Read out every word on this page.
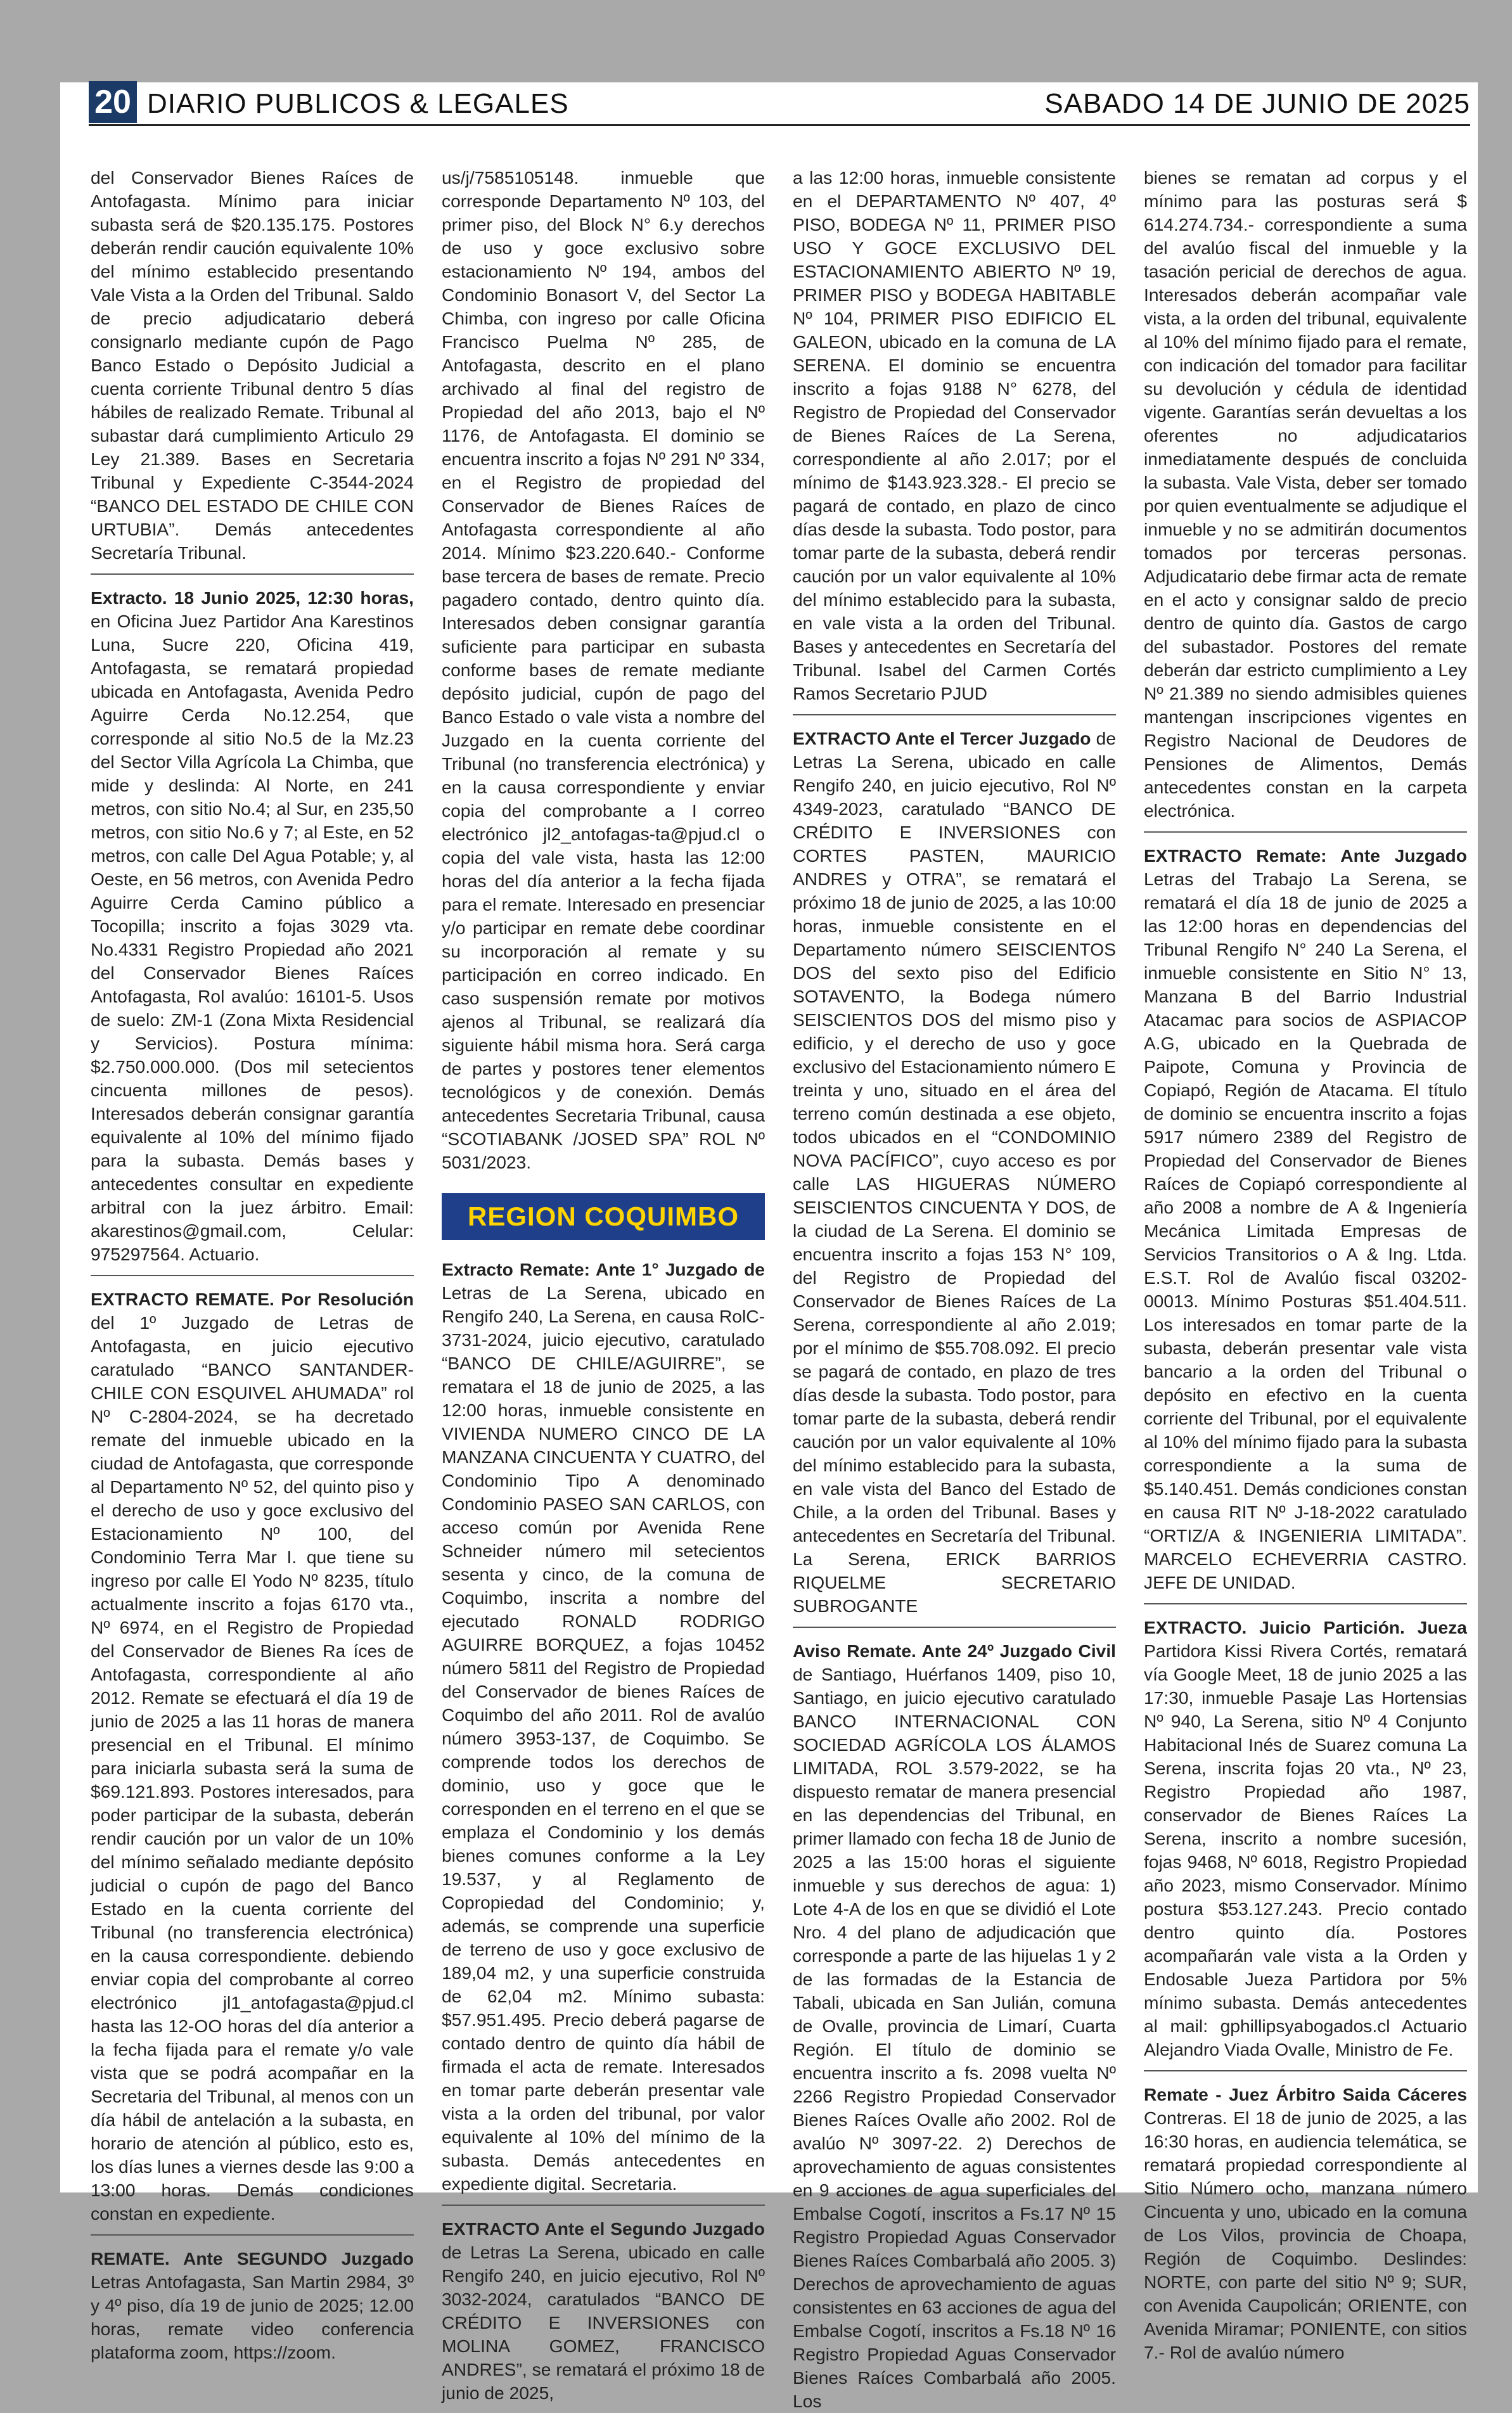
20 DIARIO PUBLICOS & LEGALES	SABADO 14 DE JUNIO DE 2025

del Conservador Bienes Raíces de Antofagasta. Mínimo para iniciar subasta será de $20.135.175. Postores deberán rendir caución equivalente 10% del mínimo establecido presentando Vale Vista a la Orden del Tribunal. Saldo de precio adjudicatario deberá consignarlo mediante cupón de Pago Banco Estado o Depósito Judicial a cuenta corriente Tribunal dentro 5 días hábiles de realizado Remate. Tribunal al subastar dará cumplimiento Articulo 29 Ley 21.389. Bases en Secretaria Tribunal y Expediente C-3544-2024 “BANCO DEL ESTADO DE CHILE CON URTUBIA”. Demás antecedentes Secretaría Tribunal.

Extracto. 18 Junio 2025, 12:30 horas, en Oficina Juez Partidor Ana Karestinos Luna, Sucre 220, Oficina 419, Antofagasta, se rematará propiedad ubicada en Antofagasta, Avenida Pedro Aguirre Cerda No.12.254, que corresponde al sitio No.5 de la Mz.23 del Sector Villa Agrícola La Chimba, que mide y deslinda: Al Norte, en 241 metros, con sitio No.4; al Sur, en 235,50 metros, con sitio No.6 y 7; al Este, en 52 metros, con calle Del Agua Potable; y, al Oeste, en 56 metros, con Avenida Pedro Aguirre Cerda Camino público a Tocopilla; inscrito a fojas 3029 vta. No.4331 Registro Propiedad año 2021 del Conservador Bienes Raíces Antofagasta, Rol avalúo: 16101-5. Usos de suelo: ZM-1 (Zona Mixta Residencial y Servicios). Postura mínima: $2.750.000.000. (Dos mil setecientos cincuenta millones de pesos). Interesados deberán consignar garantía equivalente al 10% del mínimo fijado para la subasta. Demás bases y antecedentes consultar en expediente arbitral con la juez árbitro. Email: akarestinos@gmail.com, Celular: 975297564. Actuario.

EXTRACTO REMATE. Por Resolución del 1º Juzgado de Letras de Antofagasta, en juicio ejecutivo caratulado “BANCO SANTANDER-CHILE CON ESQUIVEL AHUMADA” rol Nº C-2804-2024, se ha decretado remate del inmueble ubicado en la ciudad de Antofagasta, que corresponde al Departamento Nº 52, del quinto piso y el derecho de uso y goce exclusivo del Estacionamiento Nº 100, del Condominio Terra Mar I. que tiene su ingreso por calle El Yodo Nº 8235, título actualmente inscrito a fojas 6170 vta., Nº 6974, en el Registro de Propiedad del Conservador de Bienes Ra íces de Antofagasta, correspondiente al año 2012. Remate se efectuará el día 19 de junio de 2025 a las 11 horas de manera presencial en el Tribunal. El mínimo para iniciarla subasta será la suma de $69.121.893. Postores interesados, para poder participar de la subasta, deberán rendir caución por un valor de un 10% del mínimo señalado mediante depósito judicial o cupón de pago del Banco Estado en la cuenta corriente del Tribunal (no transferencia electrónica) en la causa correspondiente. debiendo enviar copia del comprobante al correo electrónico jl1_antofagasta@pjud.cl hasta las 12-OO horas del día anterior a la fecha fijada para el remate y/o vale vista que se podrá acompañar en la Secretaria del Tribunal, al menos con un día hábil de antelación a la subasta, en horario de atención al público, esto es, los días lunes a viernes desde las 9:00 a 13:00 horas. Demás condiciones constan en expediente.

REMATE. Ante SEGUNDO Juzgado Letras Antofagasta, San Martin 2984, 3º y 4º piso, día 19 de junio de 2025; 12.00 horas, remate video conferencia plataforma zoom, https://zoom.

us/j/7585105148. inmueble que corresponde Departamento Nº 103, del primer piso, del Block N° 6.y derechos de uso y goce exclusivo sobre estacionamiento Nº 194, ambos del Condominio Bonasort V, del Sector La Chimba, con ingreso por calle Oficina Francisco Puelma Nº 285, de Antofagasta, descrito en el plano archivado al final del registro de Propiedad del año 2013, bajo el Nº 1176, de Antofagasta. El dominio se encuentra inscrito a fojas Nº 291 Nº 334, en el Registro de propiedad del Conservador de Bienes Raíces de Antofagasta correspondiente al año 2014. Mínimo $23.220.640.- Conforme base tercera de bases de remate. Precio pagadero contado, dentro quinto día. Interesados deben consignar garantía suficiente para participar en subasta conforme bases de remate mediante depósito judicial, cupón de pago del Banco Estado o vale vista a nombre del Juzgado en la cuenta corriente del Tribunal (no transferencia electrónica) y en la causa correspondiente y enviar copia del comprobante a I correo electrónico jl2_antofagas-ta@pjud.cl o copia del vale vista, hasta las 12:00 horas del día anterior a la fecha fijada para el remate. Interesado en presenciar y/o participar en remate debe coordinar su incorporación al remate y su participación en correo indicado. En caso suspensión remate por motivos ajenos al Tribunal, se realizará día siguiente hábil misma hora. Será carga de partes y postores tener elementos tecnológicos y de conexión. Demás antecedentes Secretaria Tribunal, causa “SCOTIABANK /JOSED SPA” ROL Nº 5031/2023.

REGION COQUIMBO

Extracto Remate: Ante 1° Juzgado de Letras de La Serena, ubicado en Rengifo 240, La Serena, en causa RolC-3731-2024, juicio ejecutivo, caratulado “BANCO DE CHILE/AGUIRRE”, se rematara el 18 de junio de 2025, a las 12:00 horas, inmueble consistente en VIVIENDA NUMERO CINCO DE LA MANZANA CINCUENTA Y CUATRO, del Condominio Tipo A denominado Condominio PASEO SAN CARLOS, con acceso común por Avenida Rene Schneider número mil setecientos sesenta y cinco, de la comuna de Coquimbo, inscrita a nombre del ejecutado RONALD RODRIGO AGUIRRE BORQUEZ, a fojas 10452 número 5811 del Registro de Propiedad del Conservador de bienes Raíces de Coquimbo del año 2011. Rol de avalúo número 3953-137, de Coquimbo. Se comprende todos los derechos de dominio, uso y goce que le corresponden en el terreno en el que se emplaza el Condominio y los demás bienes comunes conforme a la Ley 19.537, y al Reglamento de Copropiedad del Condominio; y, además, se comprende una superficie de terreno de uso y goce exclusivo de 189,04 m2, y una superficie construida de 62,04 m2. Mínimo subasta: $57.951.495. Precio deberá pagarse de contado dentro de quinto día hábil de firmada el acta de remate. Interesados en tomar parte deberán presentar vale vista a la orden del tribunal, por valor equivalente al 10% del mínimo de la subasta. Demás antecedentes en expediente digital. Secretaria.

EXTRACTO Ante el Segundo Juzgado de Letras La Serena, ubicado en calle Rengifo 240, en juicio ejecutivo, Rol Nº 3032-2024, caratulados “BANCO DE CRÉDITO E INVERSIONES con MOLINA GOMEZ, FRANCISCO ANDRES”, se rematará el próximo 18 de junio de 2025,

a las 12:00 horas, inmueble consistente en el DEPARTAMENTO Nº 407, 4º PISO, BODEGA Nº 11, PRIMER PISO USO Y GOCE EXCLUSIVO DEL ESTACIONAMIENTO ABIERTO Nº 19, PRIMER PISO y BODEGA HABITABLE Nº 104, PRIMER PISO EDIFICIO EL GALEON, ubicado en la comuna de LA SERENA. El dominio se encuentra inscrito a fojas 9188 N° 6278, del Registro de Propiedad del Conservador de Bienes Raíces de La Serena, correspondiente al año 2.017; por el mínimo de $143.923.328.- El precio se pagará de contado, en plazo de cinco días desde la subasta. Todo postor, para tomar parte de la subasta, deberá rendir caución por un valor equivalente al 10% del mínimo establecido para la subasta, en vale vista a la orden del Tribunal. Bases y antecedentes en Secretaría del Tribunal. Isabel del Carmen Cortés Ramos Secretario PJUD

EXTRACTO Ante el Tercer Juzgado de Letras La Serena, ubicado en calle Rengifo 240, en juicio ejecutivo, Rol Nº 4349-2023, caratulado “BANCO DE CRÉDITO E INVERSIONES con CORTES PASTEN, MAURICIO ANDRES y OTRA”, se rematará el próximo 18 de junio de 2025, a las 10:00 horas, inmueble consistente en el Departamento número SEISCIENTOS DOS del sexto piso del Edificio SOTAVENTO, la Bodega número SEISCIENTOS DOS del mismo piso y edificio, y el derecho de uso y goce exclusivo del Estacionamiento número E treinta y uno, situado en el área del terreno común destinada a ese objeto, todos ubicados en el “CONDOMINIO NOVA PACÍFICO”, cuyo acceso es por calle LAS HIGUERAS NÚMERO SEISCIENTOS CINCUENTA Y DOS, de la ciudad de La Serena. El dominio se encuentra inscrito a fojas 153 N° 109, del Registro de Propiedad del Conservador de Bienes Raíces de La Serena, correspondiente al año 2.019; por el mínimo de $55.708.092. El precio se pagará de contado, en plazo de tres días desde la subasta. Todo postor, para tomar parte de la subasta, deberá rendir caución por un valor equivalente al 10% del mínimo establecido para la subasta, en vale vista del Banco del Estado de Chile, a la orden del Tribunal. Bases y antecedentes en Secretaría del Tribunal. La Serena, ERICK BARRIOS RIQUELME SECRETARIO SUBROGANTE

Aviso Remate. Ante 24º Juzgado Civil de Santiago, Huérfanos 1409, piso 10, Santiago, en juicio ejecutivo caratulado BANCO INTERNACIONAL CON SOCIEDAD AGRÍCOLA LOS ÁLAMOS LIMITADA, ROL 3.579-2022, se ha dispuesto rematar de manera presencial en las dependencias del Tribunal, en primer llamado con fecha 18 de Junio de 2025 a las 15:00 horas el siguiente inmueble y sus derechos de agua: 1) Lote 4-A de los en que se dividió el Lote Nro. 4 del plano de adjudicación que corresponde a parte de las hijuelas 1 y 2 de las formadas de la Estancia de Tabali, ubicada en San Julián, comuna de Ovalle, provincia de Limarí, Cuarta Región. El título de dominio se encuentra inscrito a fs. 2098 vuelta Nº 2266 Registro Propiedad Conservador Bienes Raíces Ovalle año 2002. Rol de avalúo Nº 3097-22. 2) Derechos de aprovechamiento de aguas consistentes en 9 acciones de agua superficiales del Embalse Cogotí, inscritos a Fs.17 Nº 15 Registro Propiedad Aguas Conservador Bienes Raíces Combarbalá año 2005. 3) Derechos de aprovechamiento de aguas consistentes en 63 acciones de agua del Embalse Cogotí, inscritos a Fs.18 Nº 16 Registro Propiedad Aguas Conservador Bienes Raíces Combarbalá año 2005. Los

bienes se rematan ad corpus y el mínimo para las posturas será $ 614.274.734.- correspondiente a suma del avalúo fiscal del inmueble y la tasación pericial de derechos de agua. Interesados deberán acompañar vale vista, a la orden del tribunal, equivalente al 10% del mínimo fijado para el remate, con indicación del tomador para facilitar su devolución y cédula de identidad vigente. Garantías serán devueltas a los oferentes no adjudicatarios inmediatamente después de concluida la subasta. Vale Vista, deber ser tomado por quien eventualmente se adjudique el inmueble y no se admitirán documentos tomados por terceras personas. Adjudicatario debe firmar acta de remate en el acto y consignar saldo de precio dentro de quinto día. Gastos de cargo del subastador. Postores del remate deberán dar estricto cumplimiento a Ley Nº 21.389 no siendo admisibles quienes mantengan inscripciones vigentes en Registro Nacional de Deudores de Pensiones de Alimentos, Demás antecedentes constan en la carpeta electrónica.

EXTRACTO Remate: Ante Juzgado Letras del Trabajo La Serena, se rematará el día 18 de junio de 2025 a las 12:00 horas en dependencias del Tribunal Rengifo N° 240 La Serena, el inmueble consistente en Sitio N° 13, Manzana B del Barrio Industrial Atacamac para socios de ASPIACOP A.G, ubicado en la Quebrada de Paipote, Comuna y Provincia de Copiapó, Región de Atacama. El título de dominio se encuentra inscrito a fojas 5917 número 2389 del Registro de Propiedad del Conservador de Bienes Raíces de Copiapó correspondiente al año 2008 a nombre de A & Ingeniería Mecánica Limitada Empresas de Servicios Transitorios o A & Ing. Ltda. E.S.T. Rol de Avalúo fiscal 03202-00013. Mínimo Posturas $51.404.511. Los interesados en tomar parte de la subasta, deberán presentar vale vista bancario a la orden del Tribunal o depósito en efectivo en la cuenta corriente del Tribunal, por el equivalente al 10% del mínimo fijado para la subasta correspondiente a la suma de $5.140.451. Demás condiciones constan en causa RIT Nº J-18-2022 caratulado “ORTIZ/A & INGENIERIA LIMITADA”. MARCELO ECHEVERRIA CASTRO. JEFE DE UNIDAD.

EXTRACTO. Juicio Partición. Jueza Partidora Kissi Rivera Cortés, rematará vía Google Meet, 18 de junio 2025 a las 17:30, inmueble Pasaje Las Hortensias Nº 940, La Serena, sitio Nº 4 Conjunto Habitacional Inés de Suarez comuna La Serena, inscrita fojas 20 vta., Nº 23, Registro Propiedad año 1987, conservador de Bienes Raíces La Serena, inscrito a nombre sucesión, fojas 9468, Nº 6018, Registro Propiedad año 2023, mismo Conservador. Mínimo postura $53.127.243. Precio contado dentro quinto día. Postores acompañarán vale vista a la Orden y Endosable Jueza Partidora por 5% mínimo subasta. Demás antecedentes al mail: gphillipsyabogados.cl Actuario Alejandro Viada Ovalle, Ministro de Fe.

Remate - Juez Árbitro Saida Cáceres Contreras. El 18 de junio de 2025, a las 16:30 horas, en audiencia telemática, se rematará propiedad correspondiente al Sitio Número ocho, manzana número Cincuenta y uno, ubicado en la comuna de Los Vilos, provincia de Choapa, Región de Coquimbo. Deslindes: NORTE, con parte del sitio Nº 9; SUR, con Avenida Caupolicán; ORIENTE, con Avenida Miramar; PONIENTE, con sitios 7.- Rol de avalúo número
